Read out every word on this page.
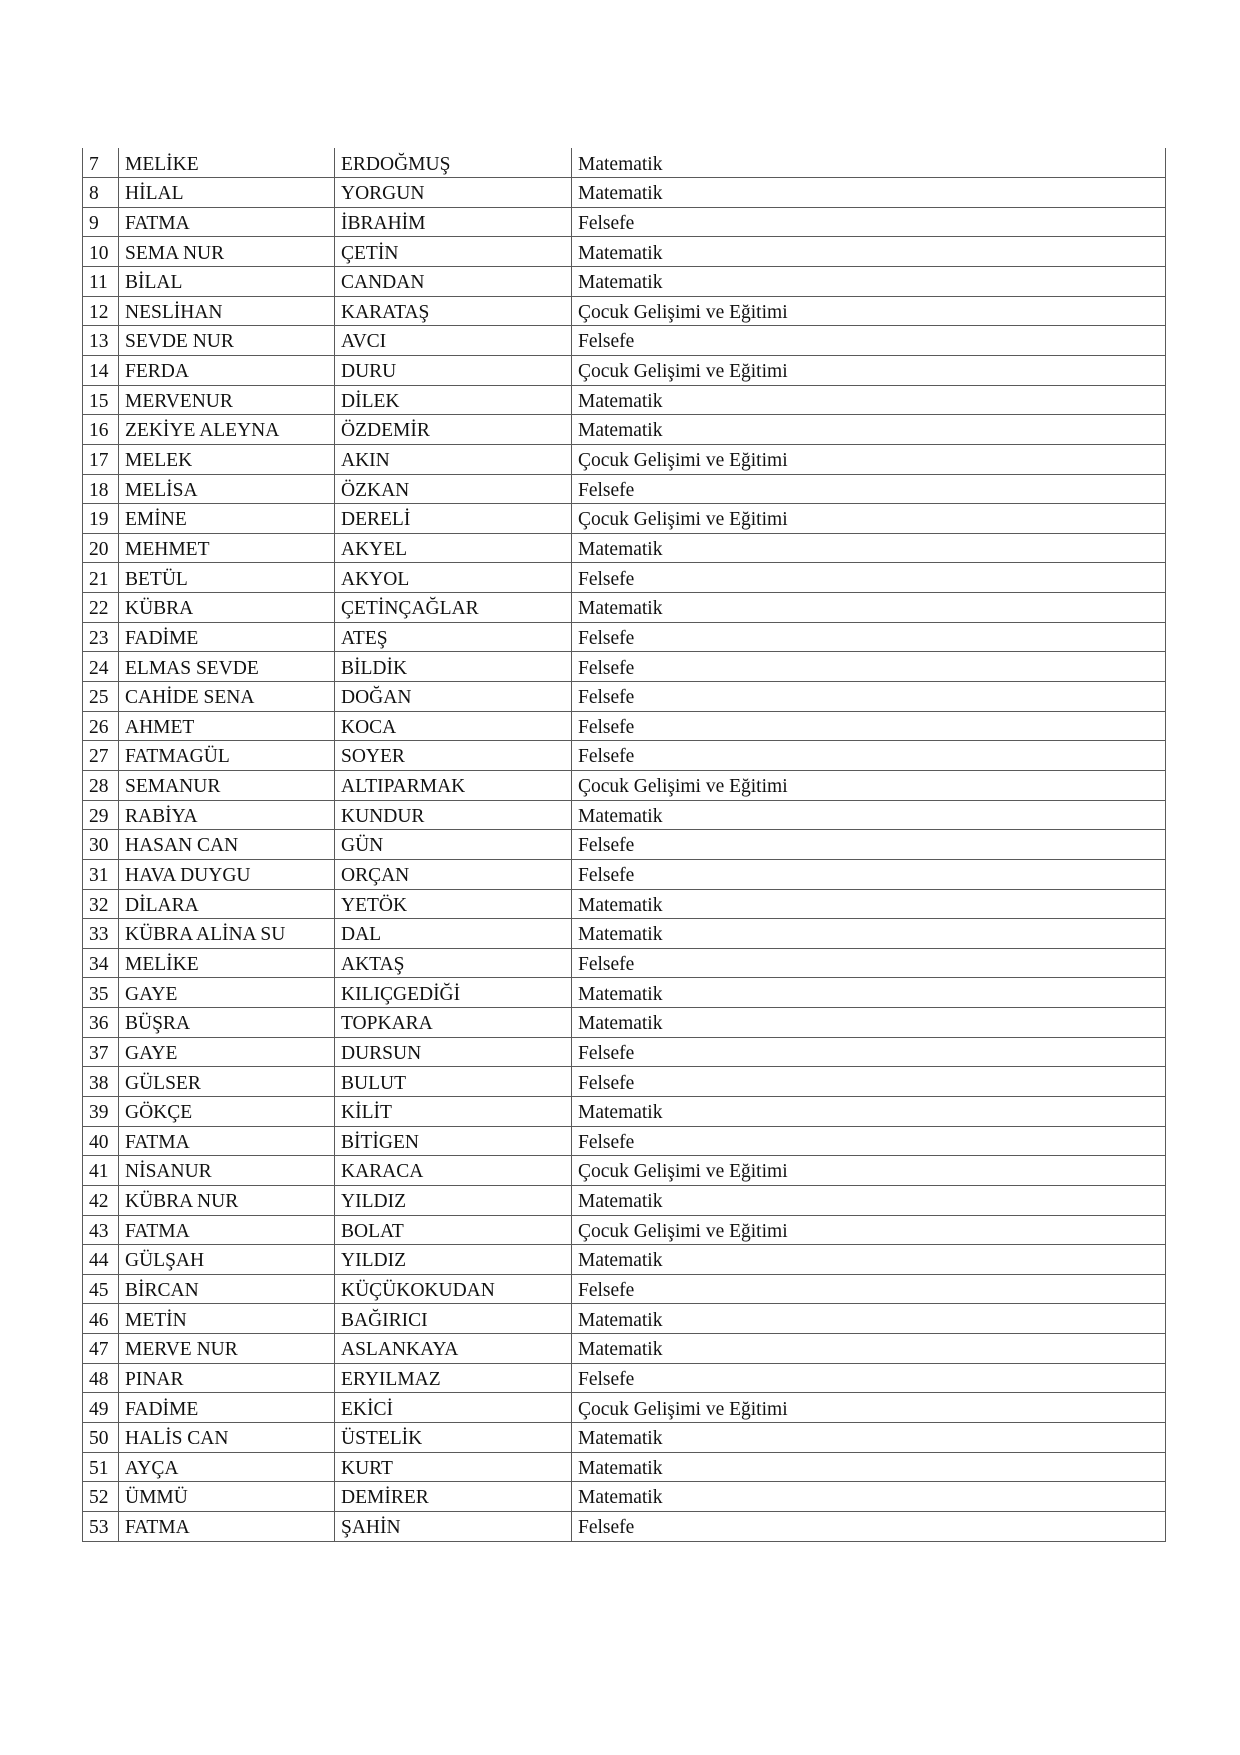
7	MELİKE	ERDOĞMUŞ	Matematik
8	HİLAL	YORGUN	Matematik
9	FATMA	İBRAHİM	Felsefe
10	SEMA NUR	ÇETİN	Matematik
11	BİLAL	CANDAN	Matematik
12	NESLİHAN	KARATAŞ	Çocuk Gelişimi ve Eğitimi
13	SEVDE NUR	AVCI	Felsefe
14	FERDA	DURU	Çocuk Gelişimi ve Eğitimi
15	MERVENUR	DİLEK	Matematik
16	ZEKİYE ALEYNA	ÖZDEMİR	Matematik
17	MELEK	AKIN	Çocuk Gelişimi ve Eğitimi
18	MELİSA	ÖZKAN	Felsefe
19	EMİNE	DERELİ	Çocuk Gelişimi ve Eğitimi
20	MEHMET	AKYEL	Matematik
21	BETÜL	AKYOL	Felsefe
22	KÜBRA	ÇETİNÇAĞLAR	Matematik
23	FADİME	ATEŞ	Felsefe
24	ELMAS SEVDE	BİLDİK	Felsefe
25	CAHİDE SENA	DOĞAN	Felsefe
26	AHMET	KOCA	Felsefe
27	FATMAGÜL	SOYER	Felsefe
28	SEMANUR	ALTIPARMAK	Çocuk Gelişimi ve Eğitimi
29	RABİYA	KUNDUR	Matematik
30	HASAN CAN	GÜN	Felsefe
31	HAVA DUYGU	ORÇAN	Felsefe
32	DİLARA	YETÖK	Matematik
33	KÜBRA ALİNA SU	DAL	Matematik
34	MELİKE	AKTAŞ	Felsefe
35	GAYE	KILIÇGEDİĞİ	Matematik
36	BÜŞRA	TOPKARA	Matematik
37	GAYE	DURSUN	Felsefe
38	GÜLSER	BULUT	Felsefe
39	GÖKÇE	KİLİT	Matematik
40	FATMA	BİTİGEN	Felsefe
41	NİSANUR	KARACA	Çocuk Gelişimi ve Eğitimi
42	KÜBRA NUR	YILDIZ	Matematik
43	FATMA	BOLAT	Çocuk Gelişimi ve Eğitimi
44	GÜLŞAH	YILDIZ	Matematik
45	BİRCAN	KÜÇÜKOKUDAN	Felsefe
46	METİN	BAĞIRICI	Matematik
47	MERVE NUR	ASLANKAYA	Matematik
48	PINAR	ERYILMAZ	Felsefe
49	FADİME	EKİCİ	Çocuk Gelişimi ve Eğitimi
50	HALİS CAN	ÜSTELİK	Matematik
51	AYÇA	KURT	Matematik
52	ÜMMÜ	DEMİRER	Matematik
53	FATMA	ŞAHİN	Felsefe
